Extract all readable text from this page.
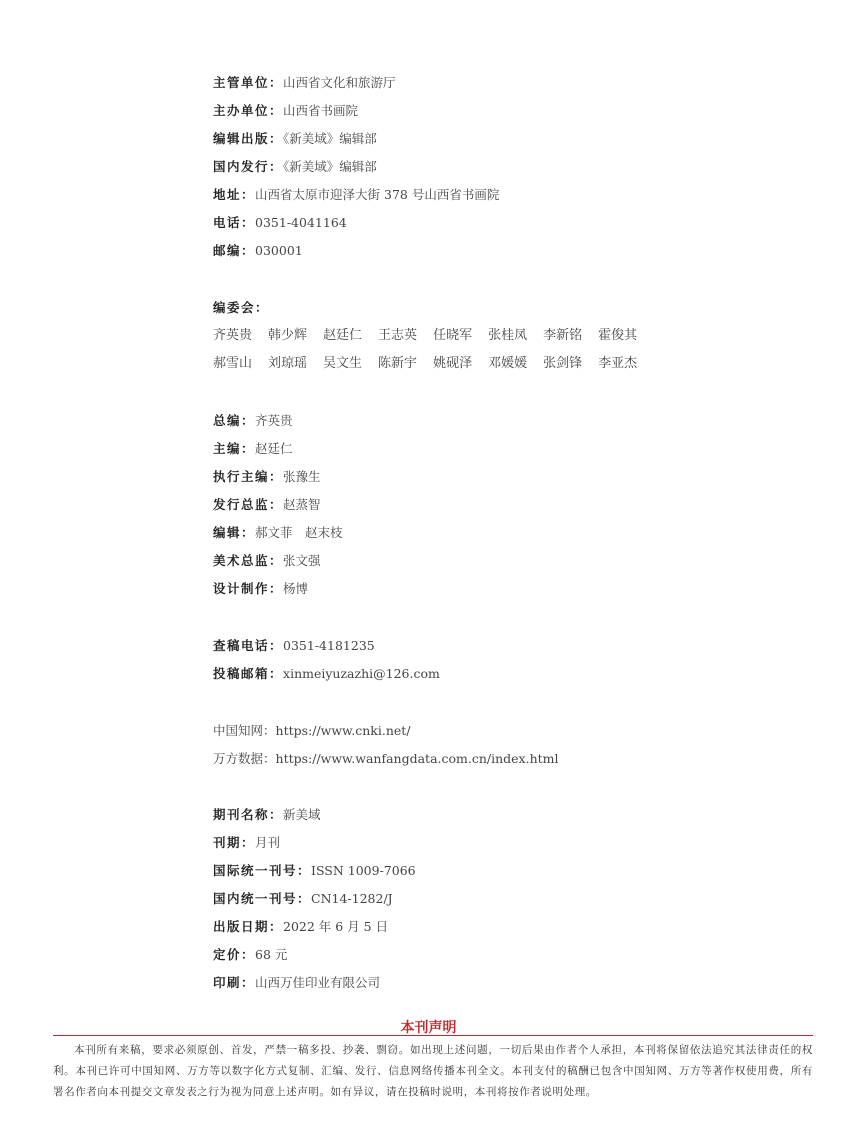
主管单位：山西省文化和旅游厅
主办单位：山西省书画院
编辑出版：《新美域》编辑部
国内发行：《新美域》编辑部
地址：山西省太原市迎泽大街 378 号山西省书画院
电话：0351-4041164
邮编：030001
编委会：
齐英贵 韩少辉 赵廷仁 王志英 任晓军 张桂凤 李新铭 霍俊其
郝雪山 刘琼瑶 吴文生 陈新宇 姚砚泽 邓媛媛 张剑锋 李亚杰
总编：齐英贵
主编：赵廷仁
执行主编：张豫生
发行总监：赵蒸智
编辑：郝文菲　赵末枝
美术总监：张文强
设计制作：杨博
查稿电话：0351-4181235
投稿邮箱：xinmeiyuzazhi@126.com
中国知网：https://www.cnki.net/
万方数据：https://www.wanfangdata.com.cn/index.html
期刊名称：新美域
刊期：月刊
国际统一刊号：ISSN 1009-7066
国内统一刊号：CN14-1282/J
出版日期：2022 年 6 月 5 日
定价：68 元
印刷：山西万佳印业有限公司
本刊声明
本刊所有来稿，要求必须原创、首发，严禁一稿多投、抄袭、剽窃。如出现上述问题，一切后果由作者个人承担，本刊将保留依法追究其法律责任的权利。本刊已许可中国知网、万方等以数字化方式复制、汇编、发行、信息网络传播本刊全文。本刊支付的稿酬已包含中国知网、万方等著作权使用费，所有署名作者向本刊提交文章发表之行为视为同意上述声明。如有异议，请在投稿时说明，本刊将按作者说明处理。
